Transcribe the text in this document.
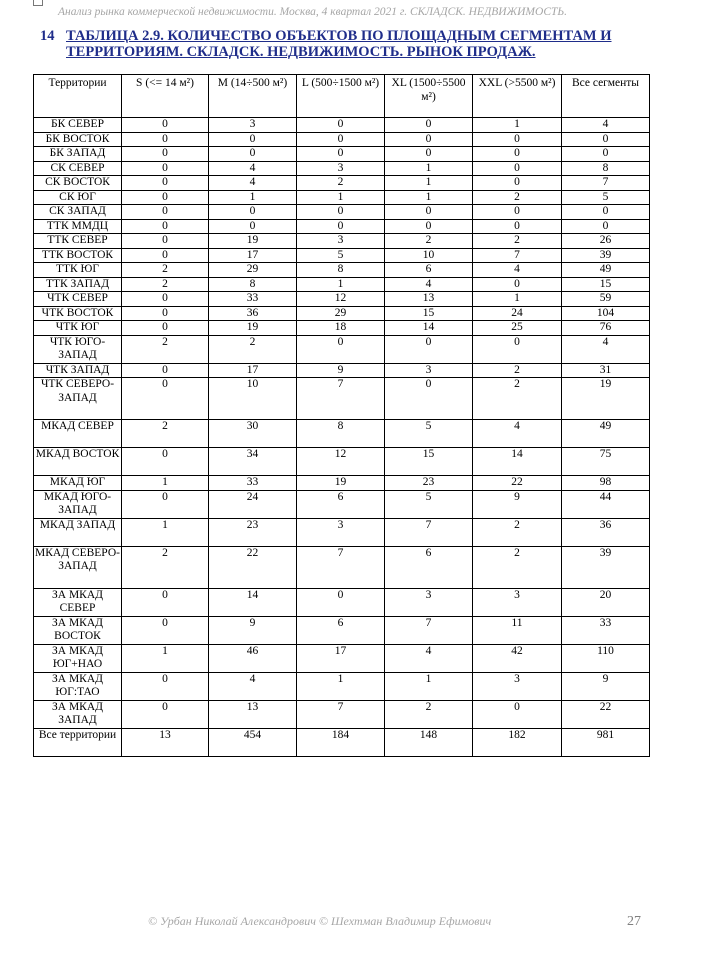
Анализ рынка коммерческой недвижимости. Москва, 4 квартал 2021 г. СКЛАДСК. НЕДВИЖИМОСТЬ.
14 ТАБЛИЦА 2.9. КОЛИЧЕСТВО ОБЪЕКТОВ ПО ПЛОЩАДНЫМ СЕГМЕНТАМ И ТЕРРИТОРИЯМ. СКЛАДСК. НЕДВИЖИМОСТЬ. РЫНОК ПРОДАЖ.
Территории	S (<= 14 м²)	M (14÷500 м²)	L (500÷1500 м²)	XL (1500÷5500 м²)	XXL (>5500 м²)	Все сегменты
БК СЕВЕР	0	3	0	0	1	4
БК ВОСТОК	0	0	0	0	0	0
БК ЗАПАД	0	0	0	0	0	0
СК СЕВЕР	0	4	3	1	0	8
СК ВОСТОК	0	4	2	1	0	7
СК ЮГ	0	1	1	1	2	5
СК ЗАПАД	0	0	0	0	0	0
ТТК ММДЦ	0	0	0	0	0	0
ТТК СЕВЕР	0	19	3	2	2	26
ТТК ВОСТОК	0	17	5	10	7	39
ТТК ЮГ	2	29	8	6	4	49
ТТК ЗАПАД	2	8	1	4	0	15
ЧТК СЕВЕР	0	33	12	13	1	59
ЧТК ВОСТОК	0	36	29	15	24	104
ЧТК ЮГ	0	19	18	14	25	76
ЧТК ЮГО-ЗАПАД	2	2	0	0	0	4
ЧТК ЗАПАД	0	17	9	3	2	31
ЧТК СЕВЕРО-ЗАПАД	0	10	7	0	2	19
МКАД СЕВЕР	2	30	8	5	4	49
МКАД ВОСТОК	0	34	12	15	14	75
МКАД ЮГ	1	33	19	23	22	98
МКАД ЮГО-ЗАПАД	0	24	6	5	9	44
МКАД ЗАПАД	1	23	3	7	2	36
МКАД СЕВЕРО-ЗАПАД	2	22	7	6	2	39
ЗА МКАД СЕВЕР	0	14	0	3	3	20
ЗА МКАД ВОСТОК	0	9	6	7	11	33
ЗА МКАД ЮГ+НАО	1	46	17	4	42	110
ЗА МКАД ЮГ:ТАО	0	4	1	1	3	9
ЗА МКАД ЗАПАД	0	13	7	2	0	22
Все территории	13	454	184	148	182	981
© Урбан Николай Александрович © Шехтман Владимир Ефимович	27
